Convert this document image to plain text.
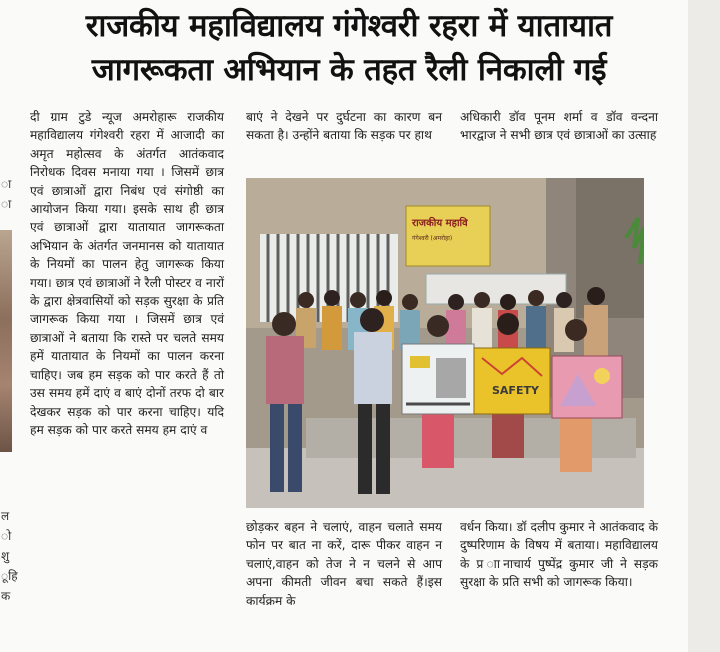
ा
ा
ल
ो
शु
ूहि
क
राजकीय महाविद्यालय गंगेश्वरी रहरा में यातायात
जागरूकता अभियान के तहत रैली निकाली गई

दी ग्राम टुडे न्यूज अमरोहारू राजकीय महाविद्यालय गंगेश्वरी रहरा में आजादी का अमृत महोत्सव के अंतर्गत आतंकवाद निरोधक दिवस मनाया गया । जिसमें छात्र एवं छात्राओं द्वारा निबंध एवं संगोष्ठी का आयोजन किया गया। इसके साथ ही छात्र एवं छात्राओं द्वारा यातायात जागरूकता अभियान के अंतर्गत जनमानस को यातायात के नियमों का पालन हेतु जागरूक किया गया। छात्र एवं छात्राओं ने रैली पोस्टर व नारों के द्वारा क्षेत्रवासियों को सड़क सुरक्षा के प्रति जागरूक किया गया । जिसमें छात्र एवं छात्राओं ने बताया कि रास्ते पर चलते समय हमें यातायात के नियमों का पालन करना चाहिए। जब हम सड़क को पार करते हैं तो उस समय हमें दाएं व बाएं दोनों तरफ दो बार देखकर सड़क को पार करना चाहिए। यदि हम सड़क को पार करते समय हम दाएं व

बाएं ने देखने पर दुर्घटना का कारण बन सकता है। उन्होंने बताया कि सड़क पर हाथ

अधिकारी डॉव पूनम शर्मा व डॉव वन्दना भारद्वाज ने सभी छात्र एवं छात्राओं का उत्साह

राजकीय महावि
गंगेश्वरी (अमरोहा)
SAFETY

छोड़कर बहन ने चलाएं, वाहन चलाते समय फोन पर बात ना करें, दारू पीकर वाहन न चलाएं,वाहन को तेज ने न चलने से आप अपना कीमती जीवन बचा सकते हैं।इस कार्यक्रम के

वर्धन किया। डॉ दलीप कुमार ने आतंकवाद के दुष्परिणाम के विषय में बताया। महाविद्यालय के प्र ाानाचार्य पुष्पेंद्र कुमार जी ने सड़क सुरक्षा के प्रति सभी को जागरूक किया।
